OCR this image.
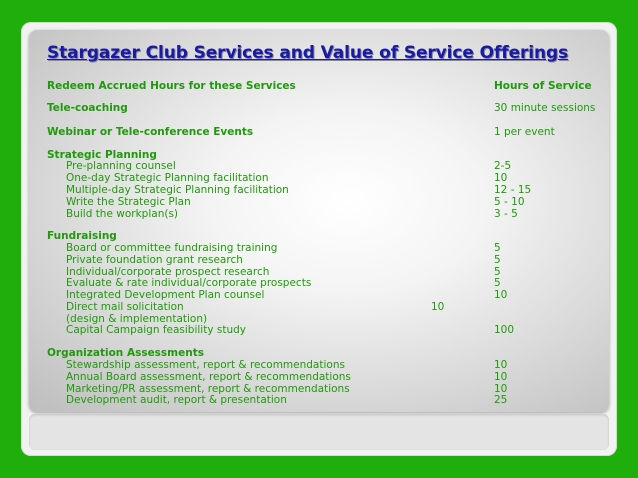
Stargazer Club Services and Value of Service Offerings
Redeem Accrued Hours for these Services	Hours of Service
Tele-coaching	30 minute sessions
Webinar or Tele-conference Events	1 per event
Strategic Planning
Pre-planning counsel	2-5
One-day Strategic Planning facilitation	10
Multiple-day Strategic Planning facilitation	12 - 15
Write the Strategic Plan	5 - 10
Build the workplan(s)	3 - 5
Fundraising
Board or committee fundraising training	5
Private foundation grant research	5
Individual/corporate prospect research	5
Evaluate & rate individual/corporate prospects	5
Integrated Development Plan counsel	10
Direct mail solicitation	10
(design & implementation)
Capital Campaign feasibility study	100
Organization Assessments
Stewardship assessment, report & recommendations	10
Annual Board assessment, report & recommendations	10
Marketing/PR assessment, report & recommendations	10
Development audit, report & presentation	25
